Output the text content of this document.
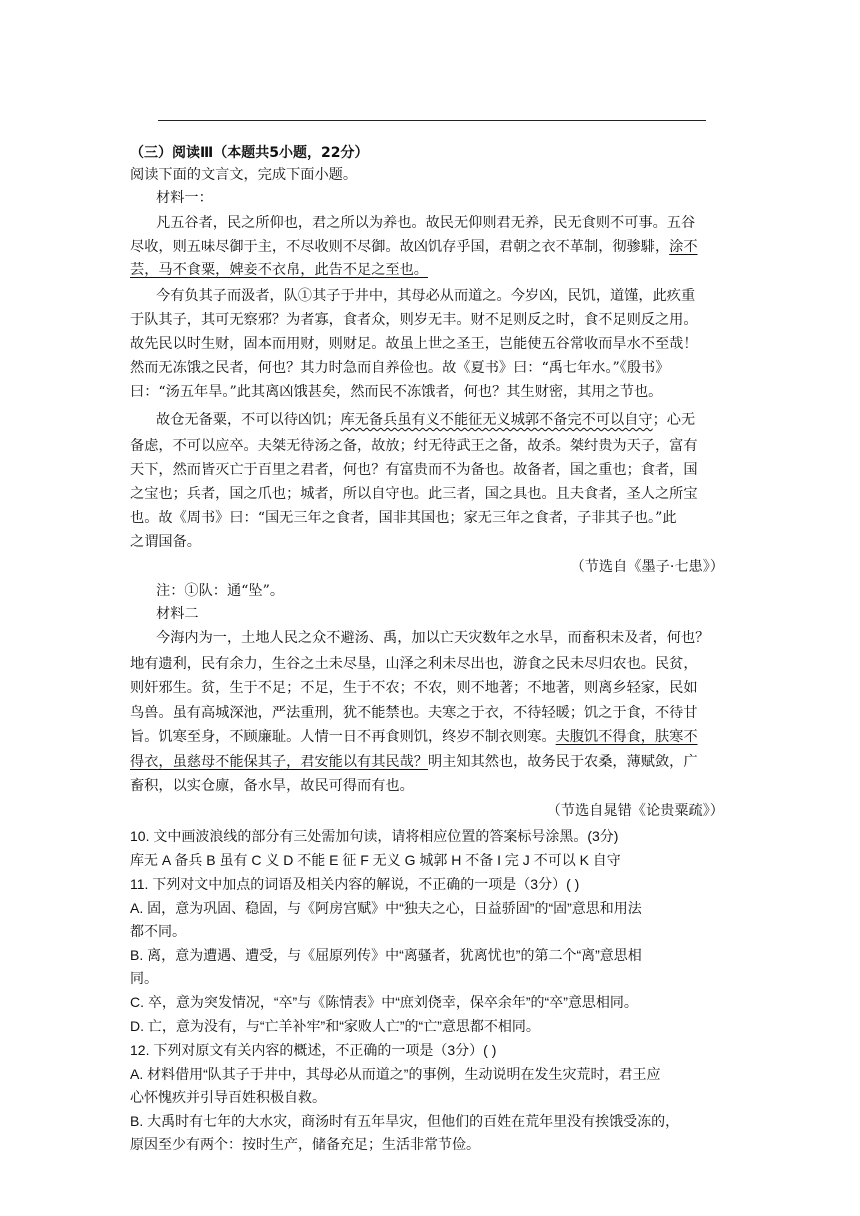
（三）阅读Ⅲ（本题共5小题，22分）
阅读下面的文言文，完成下面小题。
材料一：
凡五谷者，民之所仰也，君之所以为养也。故民无仰则君无养，民无食则不可事。五谷
尽收，则五味尽御于主，不尽收则不尽御。故凶饥存乎国，君朝之衣不革制，彻骖騑，涂不
芸，马不食粟，婢妾不衣帛，此告不足之至也。
今有负其子而汲者，队①其子于井中，其母必从而道之。今岁凶，民饥，道馑，此疚重
于队其子，其可无察邪？为者寡，食者众，则岁无丰。财不足则反之时，食不足则反之用。
故先民以时生财，固本而用财，则财足。故虽上世之圣王，岂能使五谷常收而旱水不至哉！
然而无冻饿之民者，何也？其力时急而自养俭也。故《夏书》曰：“禹七年水。”《殷书》
曰：“汤五年旱。”此其离凶饿甚矣，然而民不冻饿者，何也？其生财密，其用之节也。
故仓无备粟，不可以待凶饥；库无备兵虽有义不能征无义城郭不备完不可以自守；心无
备虑，不可以应卒。夫桀无待汤之备，故放；纣无待武王之备，故杀。桀纣贵为天子，富有
天下，然而皆灭亡于百里之君者，何也？有富贵而不为备也。故备者，国之重也；食者，国
之宝也；兵者，国之爪也；城者，所以自守也。此三者，国之具也。且夫食者，圣人之所宝
也。故《周书》曰：“国无三年之食者，国非其国也；家无三年之食者，子非其子也。”此
之谓国备。
（节选自《墨子·七患》）
注：①队：通“坠”。
材料二
今海内为一，土地人民之众不避汤、禹，加以亡天灾数年之水旱，而畜积未及者，何也？
地有遗利，民有余力，生谷之土未尽垦，山泽之利未尽出也，游食之民未尽归农也。民贫，
则奸邪生。贫，生于不足；不足，生于不农；不农，则不地著；不地著，则离乡轻家，民如
鸟兽。虽有高城深池，严法重刑，犹不能禁也。夫寒之于衣，不待轻暖；饥之于食，不待甘
旨。饥寒至身，不顾廉耻。人情一日不再食则饥，终岁不制衣则寒。夫腹饥不得食，肤寒不
得衣，虽慈母不能保其子，君安能以有其民哉？明主知其然也，故务民于农桑，薄赋敛，广
畜积，以实仓廪，备水旱，故民可得而有也。
（节选自晁错《论贵粟疏》）
10. 文中画波浪线的部分有三处需加句读，请将相应位置的答案标号涂黑。(3分)
库无 A 备兵 B 虽有 C 义 D 不能 E 征 F 无义 G 城郭 H 不备 I 完 J 不可以 K 自守
11. 下列对文中加点的词语及相关内容的解说，不正确的一项是（3分）( )
A. 固，意为巩固、稳固，与《阿房宫赋》中“独夫之心，日益骄固”的“固”意思和用法
都不同。
B. 离，意为遭遇、遭受，与《屈原列传》中“离骚者，犹离忧也”的第二个“离”意思相
同。
C. 卒，意为突发情况，“卒”与《陈情表》中“庶刘侥幸，保卒余年”的“卒”意思相同。
D. 亡，意为没有，与“亡羊补牢”和“家败人亡”的“亡”意思都不相同。
12. 下列对原文有关内容的概述，不正确的一项是（3分）( )
A. 材料借用“队其子于井中，其母必从而道之”的事例，生动说明在发生灾荒时，君王应
心怀愧疚并引导百姓积极自救。
B. 大禹时有七年的大水灾，商汤时有五年旱灾，但他们的百姓在荒年里没有挨饿受冻的，
原因至少有两个：按时生产，储备充足；生活非常节俭。
